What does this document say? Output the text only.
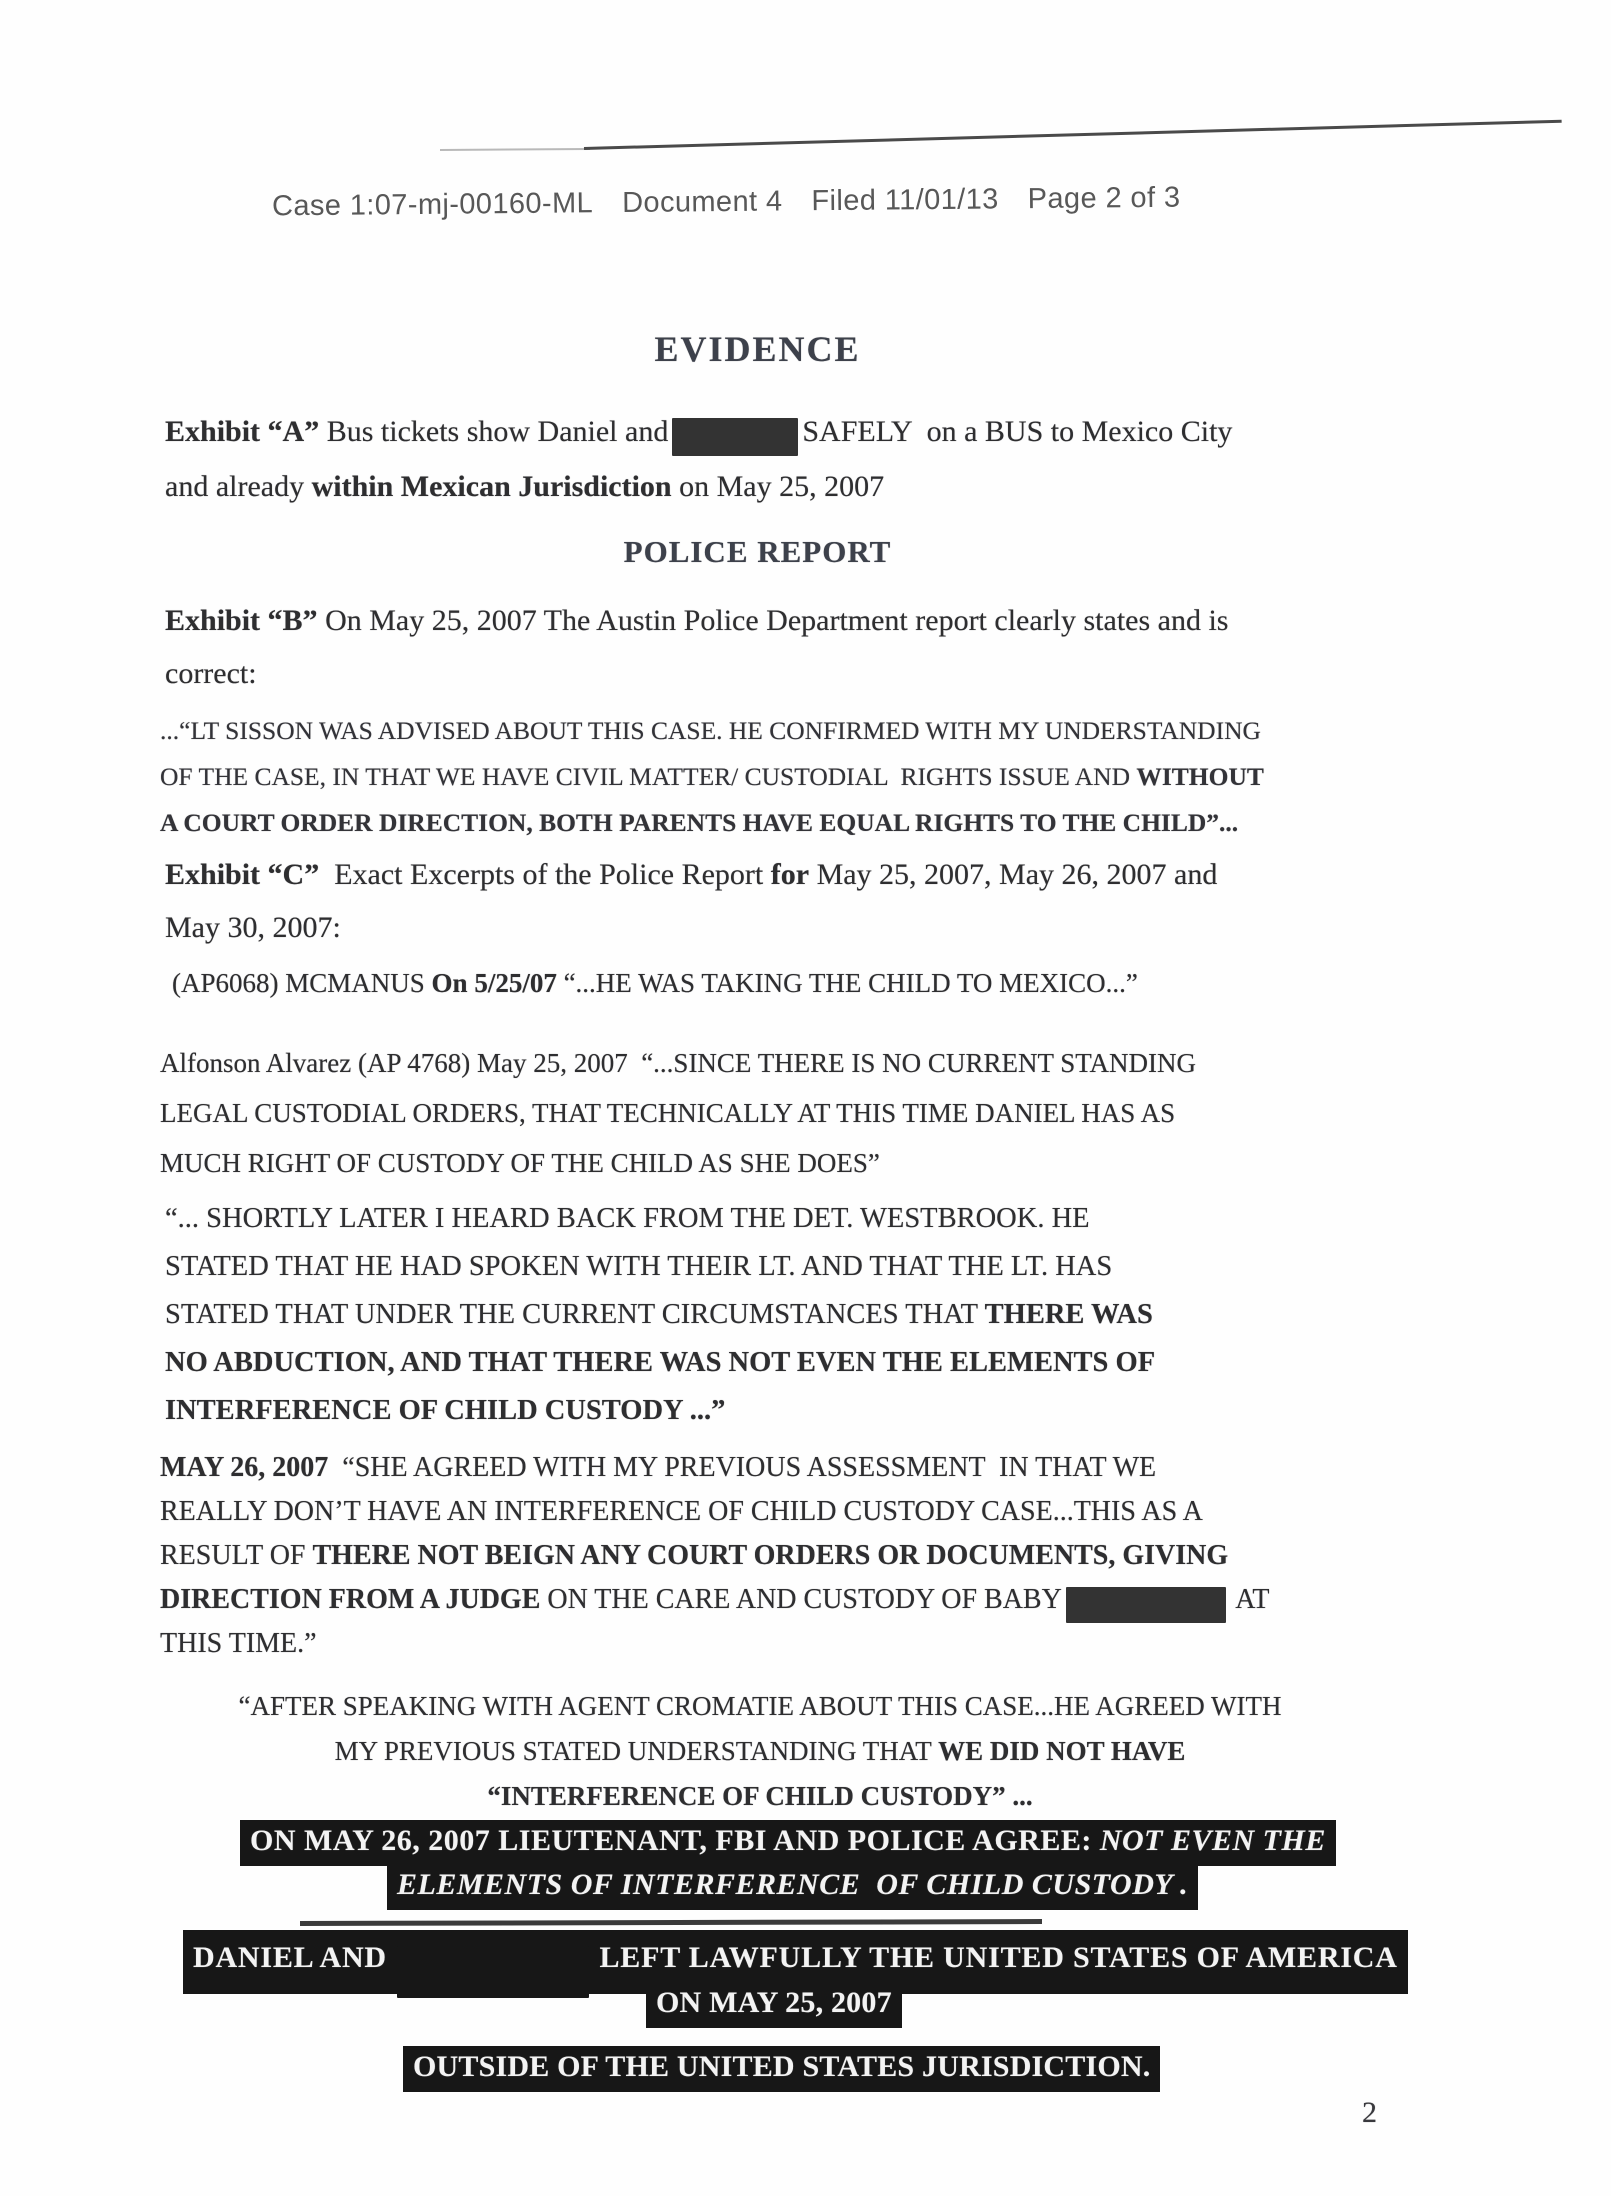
Case 1:07-mj-00160-ML Document 4 Filed 11/01/13 Page 2 of 3
EVIDENCE
POLICE REPORT
Exhibit “A” Bus tickets show Daniel and	SAFELY  on a BUS to Mexico City
and already within Mexican Jurisdiction on May 25, 2007
Exhibit “B” On May 25, 2007 The Austin Police Department report clearly states and is
correct:
...“LT SISSON WAS ADVISED ABOUT THIS CASE. HE CONFIRMED WITH MY UNDERSTANDING
OF THE CASE, IN THAT WE HAVE CIVIL MATTER/ CUSTODIAL  RIGHTS ISSUE AND WITHOUT
A COURT ORDER DIRECTION, BOTH PARENTS HAVE EQUAL RIGHTS TO THE CHILD”...
Exhibit “C”  Exact Excerpts of the Police Report for May 25, 2007, May 26, 2007 and
May 30, 2007:
(AP6068) MCMANUS On 5/25/07 “...HE WAS TAKING THE CHILD TO MEXICO...”
Alfonson Alvarez (AP 4768) May 25, 2007  “...SINCE THERE IS NO CURRENT STANDING
LEGAL CUSTODIAL ORDERS, THAT TECHNICALLY AT THIS TIME DANIEL HAS AS
MUCH RIGHT OF CUSTODY OF THE CHILD AS SHE DOES”
“... SHORTLY LATER I HEARD BACK FROM THE DET. WESTBROOK. HE
STATED THAT HE HAD SPOKEN WITH THEIR LT. AND THAT THE LT. HAS
STATED THAT UNDER THE CURRENT CIRCUMSTANCES THAT THERE WAS
NO ABDUCTION, AND THAT THERE WAS NOT EVEN THE ELEMENTS OF
INTERFERENCE OF CHILD CUSTODY ...”
MAY 26, 2007  “SHE AGREED WITH MY PREVIOUS ASSESSMENT  IN THAT WE
REALLY DON’T HAVE AN INTERFERENCE OF CHILD CUSTODY CASE...THIS AS A
RESULT OF THERE NOT BEIGN ANY COURT ORDERS OR DOCUMENTS, GIVING
DIRECTION FROM A JUDGE ON THE CARE AND CUSTODY OF BABY	AT
THIS TIME.”
“AFTER SPEAKING WITH AGENT CROMATIE ABOUT THIS CASE...HE AGREED WITH
MY PREVIOUS STATED UNDERSTANDING THAT WE DID NOT HAVE
“INTERFERENCE OF CHILD CUSTODY” ...
ON MAY 26, 2007 LIEUTENANT, FBI AND POLICE AGREE: NOT EVEN THE
ELEMENTS OF INTERFERENCE  OF CHILD CUSTODY .
DANIEL AND	LEFT LAWFULLY THE UNITED STATES OF AMERICA
ON MAY 25, 2007
OUTSIDE OF THE UNITED STATES JURISDICTION.
2
